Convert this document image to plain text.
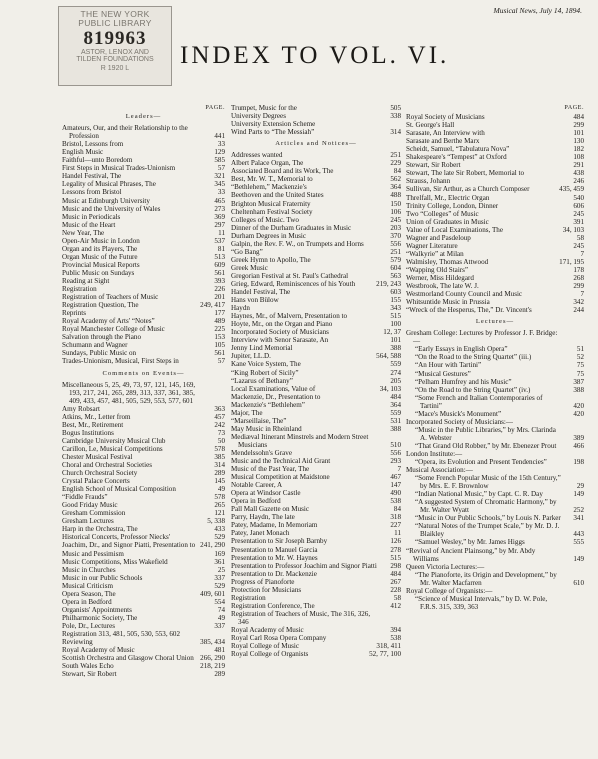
THE NEW YORK
PUBLIC LIBRARY
819963
ASTOR, LENOX AND
TILDEN FOUNDATIONS
R 1920 L
Musical News, July 14, 1894.
INDEX TO VOL. VI.
PAGE.
Leaders—
Amateurs, Our, and their Relationship to the Profession	441
Bristol, Lessons from	33
English Music	129
Faithful—unto Boredom	585
First Steps in Musical Trades-Unionism	57
Handel Festival, The	321
Legality of Musical Phrases, The	345
Lessons from Bristol	33
Music at Edinburgh University	465
Music and the University of Wales	273
Music in Periodicals	369
Music of the Heart	297
New Year, The	11
Open-Air Music in London	537
Organ and its Players, The	81
Organ Music of the Future	513
Provincial Musical Reports	609
Public Music on Sundays	561
Reading at Sight	393
Registration	226
Registration of Teachers of Music	201
Registration Question, The	249, 417
Reprints	177
Royal Academy of Arts' “Notes”	489
Royal Manchester College of Music	225
Salvation through the Piano	153
Schumann and Wagner	105
Sundays, Public Music on	561
Trades-Unionism, Musical, First Steps in	57
Comments on Events—
Miscellaneous 5, 25, 49, 73, 97, 121, 145, 169, 193, 217, 241, 265, 289, 313, 337, 361, 385, 409, 433, 457, 481, 505, 529, 553, 577, 601
Amy Robsart	363
Atkins, Mr., Letter from	457
Best, Mr., Retirement	242
Bogus Institutions	73
Cambridge University Musical Club	50
Carillon, Le, Musical Competitions	578
Chester Musical Festival	385
Choral and Orchestral Societies	314
Church Orchestral Society	289
Crystal Palace Concerts	145
English School of Musical Composition	49
“Fiddle Frauds”	578
Good Friday Music	265
Gresham Commission	121
Gresham Lectures	5, 338
Harp in the Orchestra, The	433
Historical Concerts, Professor Niecks'	529
Joachim, Dr., and Signor Piatti, Presentation to 241, 290
Music and Pessimism	169
Music Competitions, Miss Wakefield	361
Music in Churches	25
Music in our Public Schools	337
Musical Criticism	529
Opera Season, The	409, 601
Opera in Bedford	554
Organists' Appointments	74
Philharmonic Society, The	49
Pole, Dr., Lectures	337
Registration 313, 481, 505, 530, 553, 602
Reviewing	385, 434
Royal Academy of Music	481
Scottish Orchestra and Glasgow Choral Union 266, 290
South Wales Echo	218, 219
Stewart, Sir Robert	289
Trumpet, Music for the	505
University Degrees	338
University Extension Scheme
Wind Parts to “The Messiah”	314
Articles and Notices—
Addresses wanted	251
Albert Palace Organ, The	229
Associated Board and its Work, The	84
Best, Mr. W. T., Memorial to	562
“Bethlehem,” Mackenzie's	364
Beethoven and the United States	488
Brighton Musical Fraternity	150
Cheltenham Festival Society	106
Colleges of Music. Two	245
Dinner of the Durham Graduates in Music	203
Durham Degrees in Music	370
Galpin, the Rev. F. W., on Trumpets and Horns	556
“Go Bang”	251
Greek Hymn to Apollo, The	579
Greek Music	604
Gregorian Festival at St. Paul's Cathedral	563
Grieg, Edward, Reminiscences of his Youth	219, 243
Handel Festival, The	603
Hans von Bülow	155
Haydn	343
Haynes, Mr., of Malvern, Presentation to	515
Hoyte, Mr., on the Organ and Piano	100
Incorporated Society of Musicians	12, 37
Interview with Senor Sarasate, An	101
Jenny Lind Memorial	388
Jupiter, LL.D.	564, 588
Kane Voice System, The	559
“King Robert of Sicily”	274
“Lazarus of Bethany”	205
Local Examinations, Value of	34, 103
Mackenzie, Dr., Presentation to	484
Mackenzie's “Bethlehem”	364
Major, The	559
“Marseillaise, The”	531
May Music in Rheinland	388
Mediæval Itinerant Minstrels and Modern Street Musicians	510
Mendelssohn's Grave	556
Music and the Technical Aid Grant	293
Music of the Past Year, The	7
Musical Competition at Maidstone	467
Notable Career, A	147
Opera at Windsor Castle	490
Opera in Bedford	538
Pall Mall Gazette on Music	84
Parry, Haydn, The late	318
Patey, Madame, In Memoriam	227
Patey, Janet Monach	11
Presentation to Sir Joseph Barnby	126
Presentation to Manuel Garcia	278
Presentation to Mr. W. Haynes	515
Presentation to Professor Joachim and Signor Piatti 298
Presentation to Dr. Mackenzie	484
Progress of Pianoforte	267
Protection for Musicians	228
Registration	58
Registration Conference, The	412
Registration of Teachers of Music, The 316, 326, 346
Royal Academy of Music	394
Royal Carl Rosa Opera Company	538
Royal College of Music	318, 411
Royal College of Organists	52, 77, 100
PAGE.
Royal Society of Musicians	484
St. George's Hall	299
Sarasate, An Interview with	101
Sarasate and Berthe Marx	130
Scheidt, Samuel, “Tabulatura Nova”	182
Shakespeare's “Tempest” at Oxford	108
Stewart, Sir Robert	291
Stewart, The late Sir Robert, Memorial to	438
Strauss, Johann	246
Sullivan, Sir Arthur, as a Church Composer	435, 459
Threlfall, Mr., Electric Organ	540
Trinity College, London, Dinner	606
Two “Colleges” of Music	245
Union of Graduates in Music	391
Value of Local Examinations, The	34, 103
Wagner and Pasdeloup	58
Wagner Literature	245
“Walkyrie” at Milan	7
Walmisley, Thomas Attwood	171, 195
“Wapping Old Stairs”	178
Werner, Miss Hildegard	268
Westbrook, The late W. J.	299
Westmorland County Council and Music	7
Whitsuntide Music in Prussia	342
“Wreck of the Hesperus, The,” Dr. Vincent's	244
Lectures—
Gresham College: Lectures by Professor J. F. Bridge:—
“Early Essays in English Opera”	51
“On the Road to the String Quartet” (iii.)	52
“An Hour with Tartini”	75
“Musical Gestures”	75
“Pelham Humfrey and his Music”	387
“On the Road to the String Quartet” (iv.)	388
“Some French and Italian Contemporaries of Tartini”	420
“Mace's Musick's Monument”	420
Incorporated Society of Musicians:—
“Music in the Public Libraries,” by Mrs. Clarinda A. Webster	389
“That Grand Old Robber,” by Mr. Ebenezer Prout 466
London Institute:—
“Opera, its Evolution and Present Tendencies”	198
Musical Association:—
“Some French Popular Music of the 15th Century,” by Mrs. E. F. Brownlow	29
“Indian National Music,” by Capt. C. R. Day	149
“A suggested System of Chromatic Harmony,” by Mr. Walter Wyatt	252
“Music in Our Public Schools,” by Louis N. Parker 341
“Natural Notes of the Trumpet Scale,” by Mr. D. J. Blaikley	443
“Samuel Wesley,” by Mr. James Higgs	555
“Revival of Ancient Plainsong,” by Mr. Abdy Williams	149
Queen Victoria Lectures:—
“The Pianoforte, its Origin and Development,” by Mr. Walter Macfarren	610
Royal College of Organists:—
“Science of Musical Intervals,” by D. W. Pole, F.R.S. 315, 339, 363
